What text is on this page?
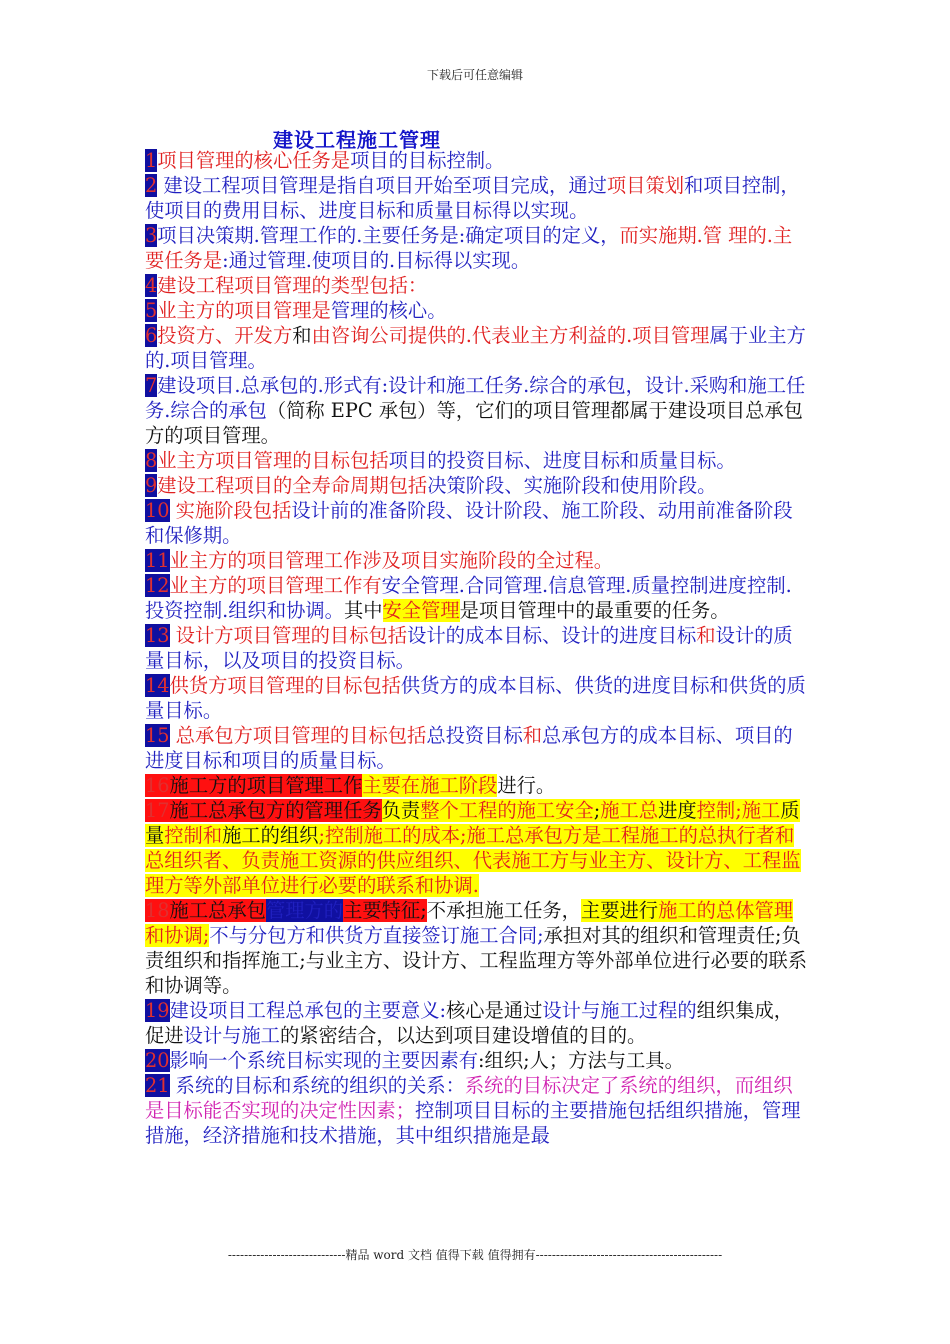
下载后可任意编辑
建设工程施工管理

1项目管理的核心任务是项目的目标控制。

2 建设工程项目管理是指自项目开始至项目完成，通过项目策划和项目控制，使项目的费用目标、进度目标和质量目标得以实现。

3项目决策期.管理工作的.主要任务是:确定项目的定义，而实施期.管 理的.主要任务是:通过管理.使项目的.目标得以实现。

4建设工程项目管理的类型包括：

5业主方的项目管理是管理的核心。

6投资方、开发方和由咨询公司提供的.代表业主方利益的.项目管理属于业主方的.项目管理。

7建设项目.总承包的.形式有:设计和施工任务.综合的承包，设计.采购和施工任务.综合的承包（简称 EPC 承包）等，它们的项目管理都属于建设项目总承包方的项目管理。

8业主方项目管理的目标包括项目的投资目标、进度目标和质量目标。

9建设工程项目的全寿命周期包括决策阶段、实施阶段和使用阶段。

10 实施阶段包括设计前的准备阶段、设计阶段、施工阶段、动用前准备阶段和保修期。

11业主方的项目管理工作涉及项目实施阶段的全过程。

12业主方的项目管理工作有安全管理.合同管理.信息管理.质量控制进度控制.投资控制.组织和协调。其中安全管理是项目管理中的最重要的任务。

13 设计方项目管理的目标包括设计的成本目标、设计的进度目标和设计的质量目标，以及项目的投资目标。

14供货方项目管理的目标包括供货方的成本目标、供货的进度目标和供货的质量目标。

15 总承包方项目管理的目标包括总投资目标和总承包方的成本目标、项目的进度目标和项目的质量目标。

16施工方的项目管理工作主要在施工阶段进行。

17施工总承包方的管理任务负责整个工程的施工安全;施工总进度控制;施工质量控制和施工的组织;控制施工的成本;施工总承包方是工程施工的总执行者和总组织者、负责施工资源的供应组织、代表施工方与业主方、设计方、工程监理方等外部单位进行必要的联系和协调.

18施工总承包管理方的主要特征;不承担施工任务，主要进行施工的总体管理和协调;不与分包方和供货方直接签订施工合同;承担对其的组织和管理责任;负责组织和指挥施工;与业主方、设计方、工程监理方等外部单位进行必要的联系和协调等。

19建设项目工程总承包的主要意义:核心是通过设计与施工过程的组织集成，促进设计与施工的紧密结合，以达到项目建设增值的目的。

20影响一个系统目标实现的主要因素有:组织;人；方法与工具。

21 系统的目标和系统的组织的关系：系统的目标决定了系统的组织，而组织是目标能否实现的决定性因素；控制项目目标的主要措施包括组织措施，管理措施，经济措施和技术措施，其中组织措施是最

-----------------------------精品 word 文档 值得下载 值得拥有----------------------------------------------
